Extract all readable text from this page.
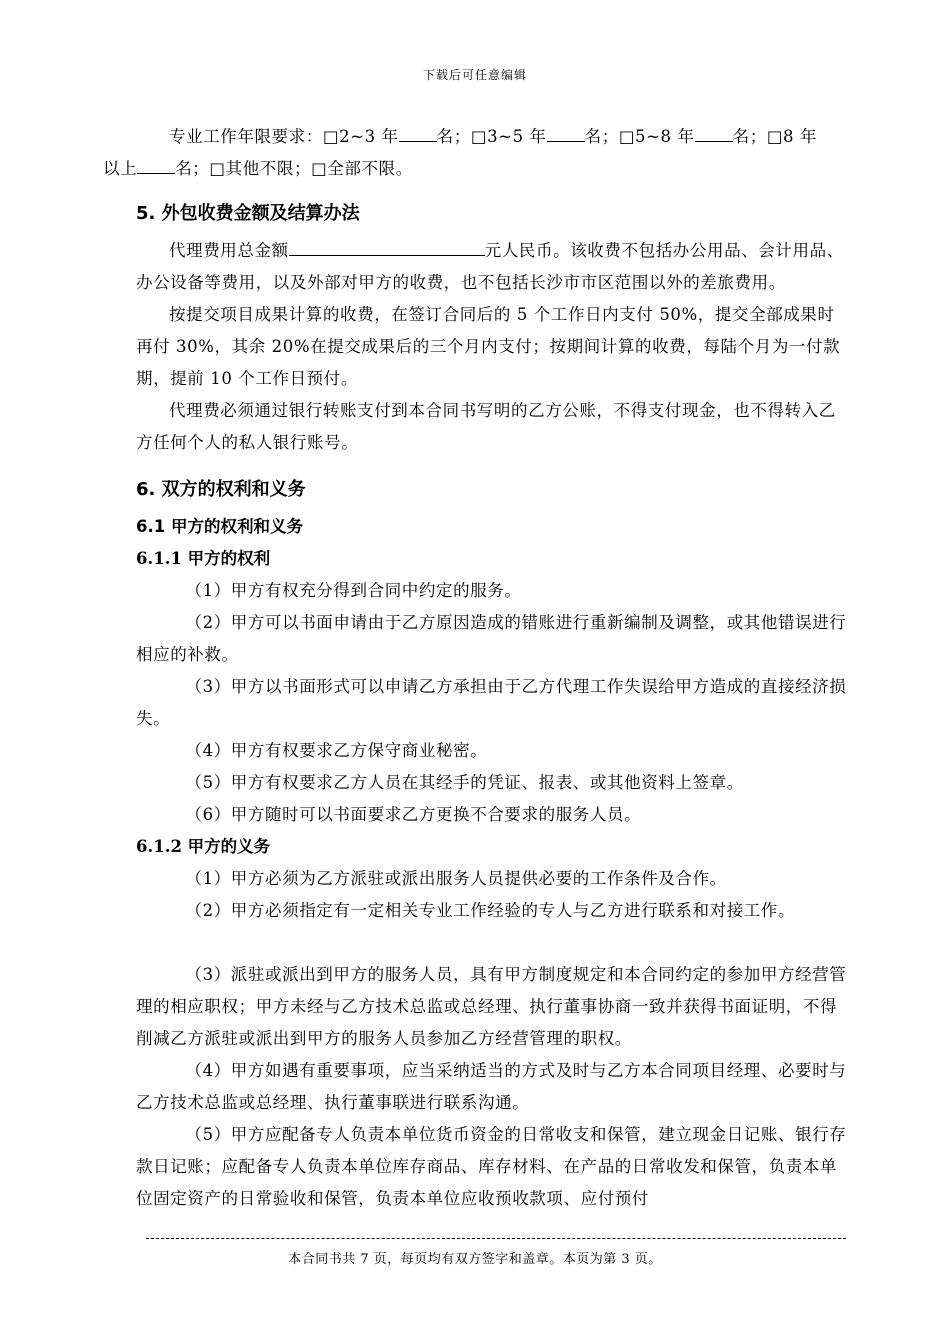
下载后可任意编辑

专业工作年限要求：□2~3 年 名；□3~5 年 名；□5~8 年 名；□8 年
以上 名；□其他不限；□全部不限。

5. 外包收费金额及结算办法

代理费用总金额	元人民币。该收费不包括办公用品、会计用品、办公设备等费用，以及外部对甲方的收费，也不包括长沙市市区范围以外的差旅费用。

按提交项目成果计算的收费，在签订合同后的 5 个工作日内支付 50%，提交全部成果时再付 30%，其余 20%在提交成果后的三个月内支付；按期间计算的收费，每陆个月为一付款期，提前 10 个工作日预付。

代理费必须通过银行转账支付到本合同书写明的乙方公账，不得支付现金，也不得转入乙方任何个人的私人银行账号。

6. 双方的权利和义务
6.1 甲方的权利和义务
6.1.1 甲方的权利

（1）甲方有权充分得到合同中约定的服务。

（2）甲方可以书面申请由于乙方原因造成的错账进行重新编制及调整，或其他错误进行相应的补救。

（3）甲方以书面形式可以申请乙方承担由于乙方代理工作失误给甲方造成的直接经济损失。

（4）甲方有权要求乙方保守商业秘密。

（5）甲方有权要求乙方人员在其经手的凭证、报表、或其他资料上签章。

（6）甲方随时可以书面要求乙方更换不合要求的服务人员。

6.1.2 甲方的义务

（1）甲方必须为乙方派驻或派出服务人员提供必要的工作条件及合作。

（2）甲方必须指定有一定相关专业工作经验的专人与乙方进行联系和对接工作。

（3）派驻或派出到甲方的服务人员，具有甲方制度规定和本合同约定的参加甲方经营管理的相应职权；甲方未经与乙方技术总监或总经理、执行董事协商一致并获得书面证明，不得削减乙方派驻或派出到甲方的服务人员参加乙方经营管理的职权。

（4）甲方如遇有重要事项，应当采纳适当的方式及时与乙方本合同项目经理、必要时与乙方技术总监或总经理、执行董事联进行联系沟通。

（5）甲方应配备专人负责本单位货币资金的日常收支和保管，建立现金日记账、银行存款日记账；应配备专人负责本单位库存商品、库存材料、在产品的日常收发和保管，负责本单位固定资产的日常验收和保管，负责本单位应收预收款项、应付预付

本合同书共 7 页，每页均有双方签字和盖章。本页为第 3 页。
